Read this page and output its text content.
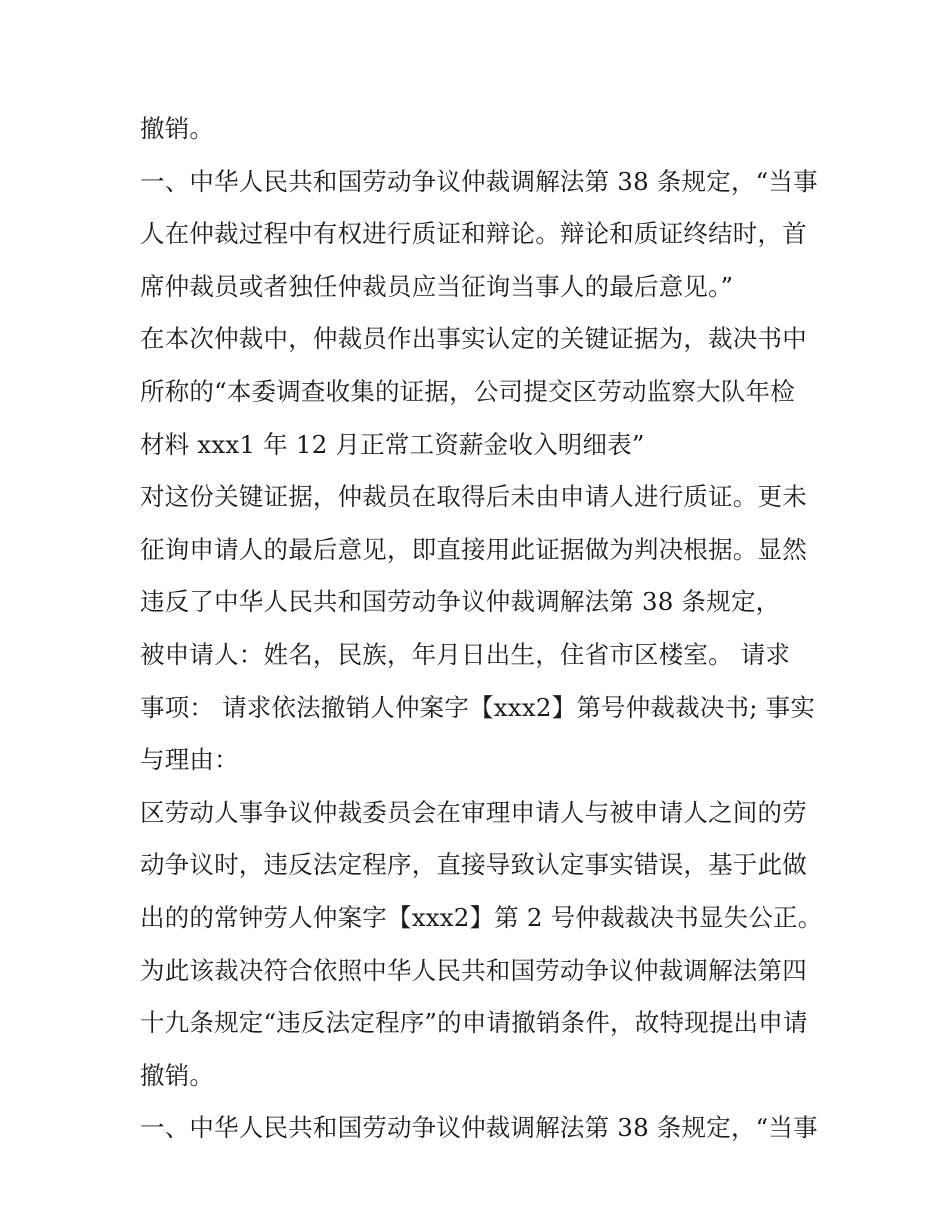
撤销。
一、中华人民共和国劳动争议仲裁调解法第 38 条规定，“当事
人在仲裁过程中有权进行质证和辩论。辩论和质证终结时，首
席仲裁员或者独任仲裁员应当征询当事人的最后意见。”
在本次仲裁中，仲裁员作出事实认定的关键证据为，裁决书中
所称的“本委调查收集的证据，公司提交区劳动监察大队年检
材料 xxx1 年 12 月正常工资薪金收入明细表”
对这份关键证据，仲裁员在取得后未由申请人进行质证。更未
征询申请人的最后意见，即直接用此证据做为判决根据。显然
违反了中华人民共和国劳动争议仲裁调解法第 38 条规定，
被申请人：姓名，民族，年月日出生，住省市区楼室。 请求
事项： 请求依法撤销人仲案字【xxx2】第号仲裁裁决书; 事实
与理由：
区劳动人事争议仲裁委员会在审理申请人与被申请人之间的劳
动争议时，违反法定程序，直接导致认定事实错误，基于此做
出的的常钟劳人仲案字【xxx2】第 2 号仲裁裁决书显失公正。
为此该裁决符合依照中华人民共和国劳动争议仲裁调解法第四
十九条规定“违反法定程序”的申请撤销条件，故特现提出申请
撤销。
一、中华人民共和国劳动争议仲裁调解法第 38 条规定，“当事
